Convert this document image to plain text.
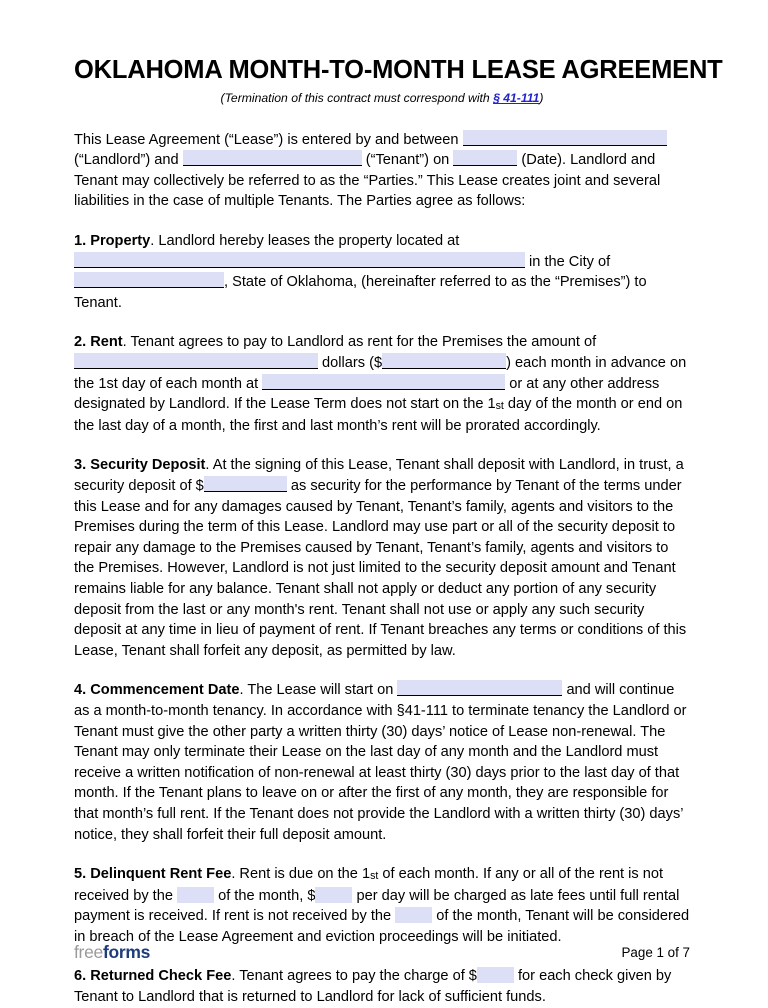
OKLAHOMA MONTH-TO-MONTH LEASE AGREEMENT

(Termination of this contract must correspond with § 41-111)

This Lease Agreement (“Lease”) is entered by and between  (“Landlord”) and	(“Tenant”) on	(Date). Landlord and Tenant may collectively be referred to as the “Parties.” This Lease creates joint and several liabilities in the case of multiple Tenants. The Parties agree as follows:

1. Property. Landlord hereby leases the property located at  in the City of , State of Oklahoma, (hereinafter referred to as the “Premises”) to Tenant.

2. Rent. Tenant agrees to pay to Landlord as rent for the Premises the amount of  dollars ($	) each month in advance on the 1st day of each month at	or at any other address designated by Landlord. If the Lease Term does not start on the 1st day of the month or end on the last day of a month, the first and last month’s rent will be prorated accordingly.

3. Security Deposit. At the signing of this Lease, Tenant shall deposit with Landlord, in trust, a security deposit of $	as security for the performance by Tenant of the terms under this Lease and for any damages caused by Tenant, Tenant’s family, agents and visitors to the Premises during the term of this Lease. Landlord may use part or all of the security deposit to repair any damage to the Premises caused by Tenant, Tenant’s family, agents and visitors to the Premises. However, Landlord is not just limited to the security deposit amount and Tenant remains liable for any balance. Tenant shall not apply or deduct any portion of any security deposit from the last or any month's rent. Tenant shall not use or apply any such security deposit at any time in lieu of payment of rent. If Tenant breaches any terms or conditions of this Lease, Tenant shall forfeit any deposit, as permitted by law.

4. Commencement Date. The Lease will start on	and will continue as a month-to-month tenancy. In accordance with §41-111 to terminate tenancy the Landlord or Tenant must give the other party a written thirty (30) days’ notice of Lease non-renewal. The Tenant may only terminate their Lease on the last day of any month and the Landlord must receive a written notification of non-renewal at least thirty (30) days prior to the last day of that month. If the Tenant plans to leave on or after the first of any month, they are responsible for that month’s full rent. If the Tenant does not provide the Landlord with a written thirty (30) days’ notice, they shall forfeit their full deposit amount.

5. Delinquent Rent Fee. Rent is due on the 1st of each month. If any or all of the rent is not received by the	of the month, $	per day will be charged as late fees until full rental payment is received. If rent is not received by the	of the month, Tenant will be considered in breach of the Lease Agreement and eviction proceedings will be initiated.

6. Returned Check Fee. Tenant agrees to pay the charge of $	for each check given by Tenant to Landlord that is returned to Landlord for lack of sufficient funds.

freeforms	Page 1 of 7
